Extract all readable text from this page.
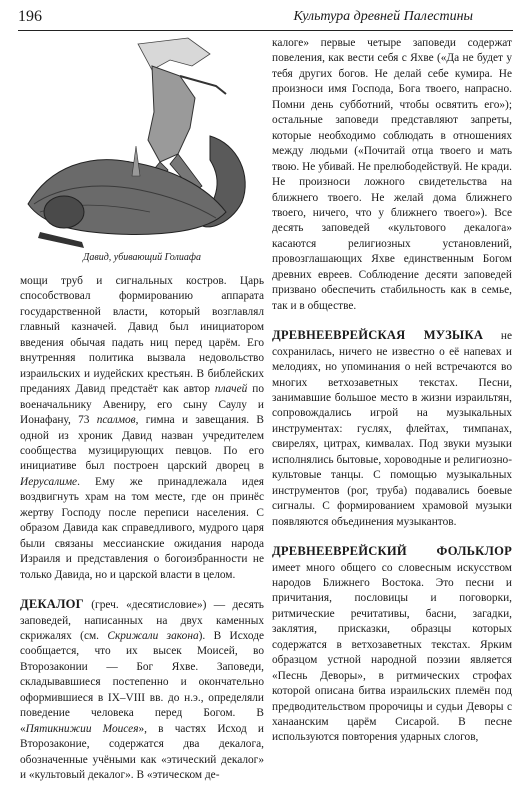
196	Культура древней Палестины
Давид, убивающий Голиафа

мощи труб и сигнальных костров. Царь способствовал формированию аппарата государственной власти, который возглавлял главный казначей. Давид был инициатором введения обычая падать ниц перед царём. Его внутренняя политика вызвала недовольство израильских и иудейских крестьян. В библейских преданиях Давид предстаёт как автор плачей по военачальнику Авениру, его сыну Саулу и Ионафану, 73 псалмов, гимна и завещания. В одной из хроник Давид назван учредителем сообщества музицирующих певцов. По его инициативе был построен царский дворец в Иерусалиме. Ему же принадлежала идея воздвигнуть храм на том месте, где он принёс жертву Господу после переписи населения. С образом Давида как справедливого, мудрого царя были связаны мессианские ожидания народа Израиля и представления о богоизбранности не только Давида, но и царской власти в целом.

ДЕКАЛОГ (греч. «десятисловие») — десять заповедей, написанных на двух каменных скрижалях (см. Скрижали закона). В Исходе сообщается, что их высек Моисей, во Второзаконии — Бог Яхве. Заповеди, складывавшиеся постепенно и окончательно оформившиеся в IX–VIII вв. до н.э., определяли поведение человека перед Богом. В «Пятикнижии Моисея», в частях Исход и Второзаконие, содержатся два декалога, обозначенные учёными как «этический декалог» и «культовый декалог». В «этическом де-

калоге» первые четыре заповеди содержат повеления, как вести себя с Яхве («Да не будет у тебя других богов. Не делай себе кумира. Не произноси имя Господа, Бога твоего, напрасно. Помни день субботний, чтобы освятить его»); остальные заповеди представляют запреты, которые необходимо соблюдать в отношениях между людьми («Почитай отца твоего и мать твою. Не убивай. Не прелюбодействуй. Не кради. Не произноси ложного свидетельства на ближнего твоего. Не желай дома ближнего твоего, ничего, что у ближнего твоего»). Все десять заповедей «культового декалога» касаются религиозных установлений, провозглашающих Яхве единственным Богом древних евреев. Соблюдение десяти заповедей призвано обеспечить стабильность как в семье, так и в обществе.

ДРЕВНЕЕВРЕЙСКАЯ МУЗЫКА не сохранилась, ничего не известно о её напевах и мелодиях, но упоминания о ней встречаются во многих ветхозаветных текстах. Песни, занимавшие большое место в жизни израильтян, сопровождались игрой на музыкальных инструментах: гуслях, флейтах, тимпанах, свирелях, цитрах, кимвалах. Под звуки музыки исполнялись бытовые, хороводные и религиозно-культовые танцы. С помощью музыкальных инструментов (рог, труба) подавались боевые сигналы. С формированием храмовой музыки появляются объединения музыкантов.

ДРЕВНЕЕВРЕЙСКИЙ ФОЛЬКЛОР имеет много общего со словесным искусством народов Ближнего Востока. Это песни и причитания, пословицы и поговорки, ритмические речитативы, басни, загадки, заклятия, присказки, образцы которых содержатся в ветхозаветных текстах. Ярким образцом устной народной поэзии является «Песнь Деворы», в ритмических строфах которой описана битва израильских племён под предводительством пророчицы и судьи Деворы с ханаанским царём Сисарой. В песне используются повторения ударных слогов,
